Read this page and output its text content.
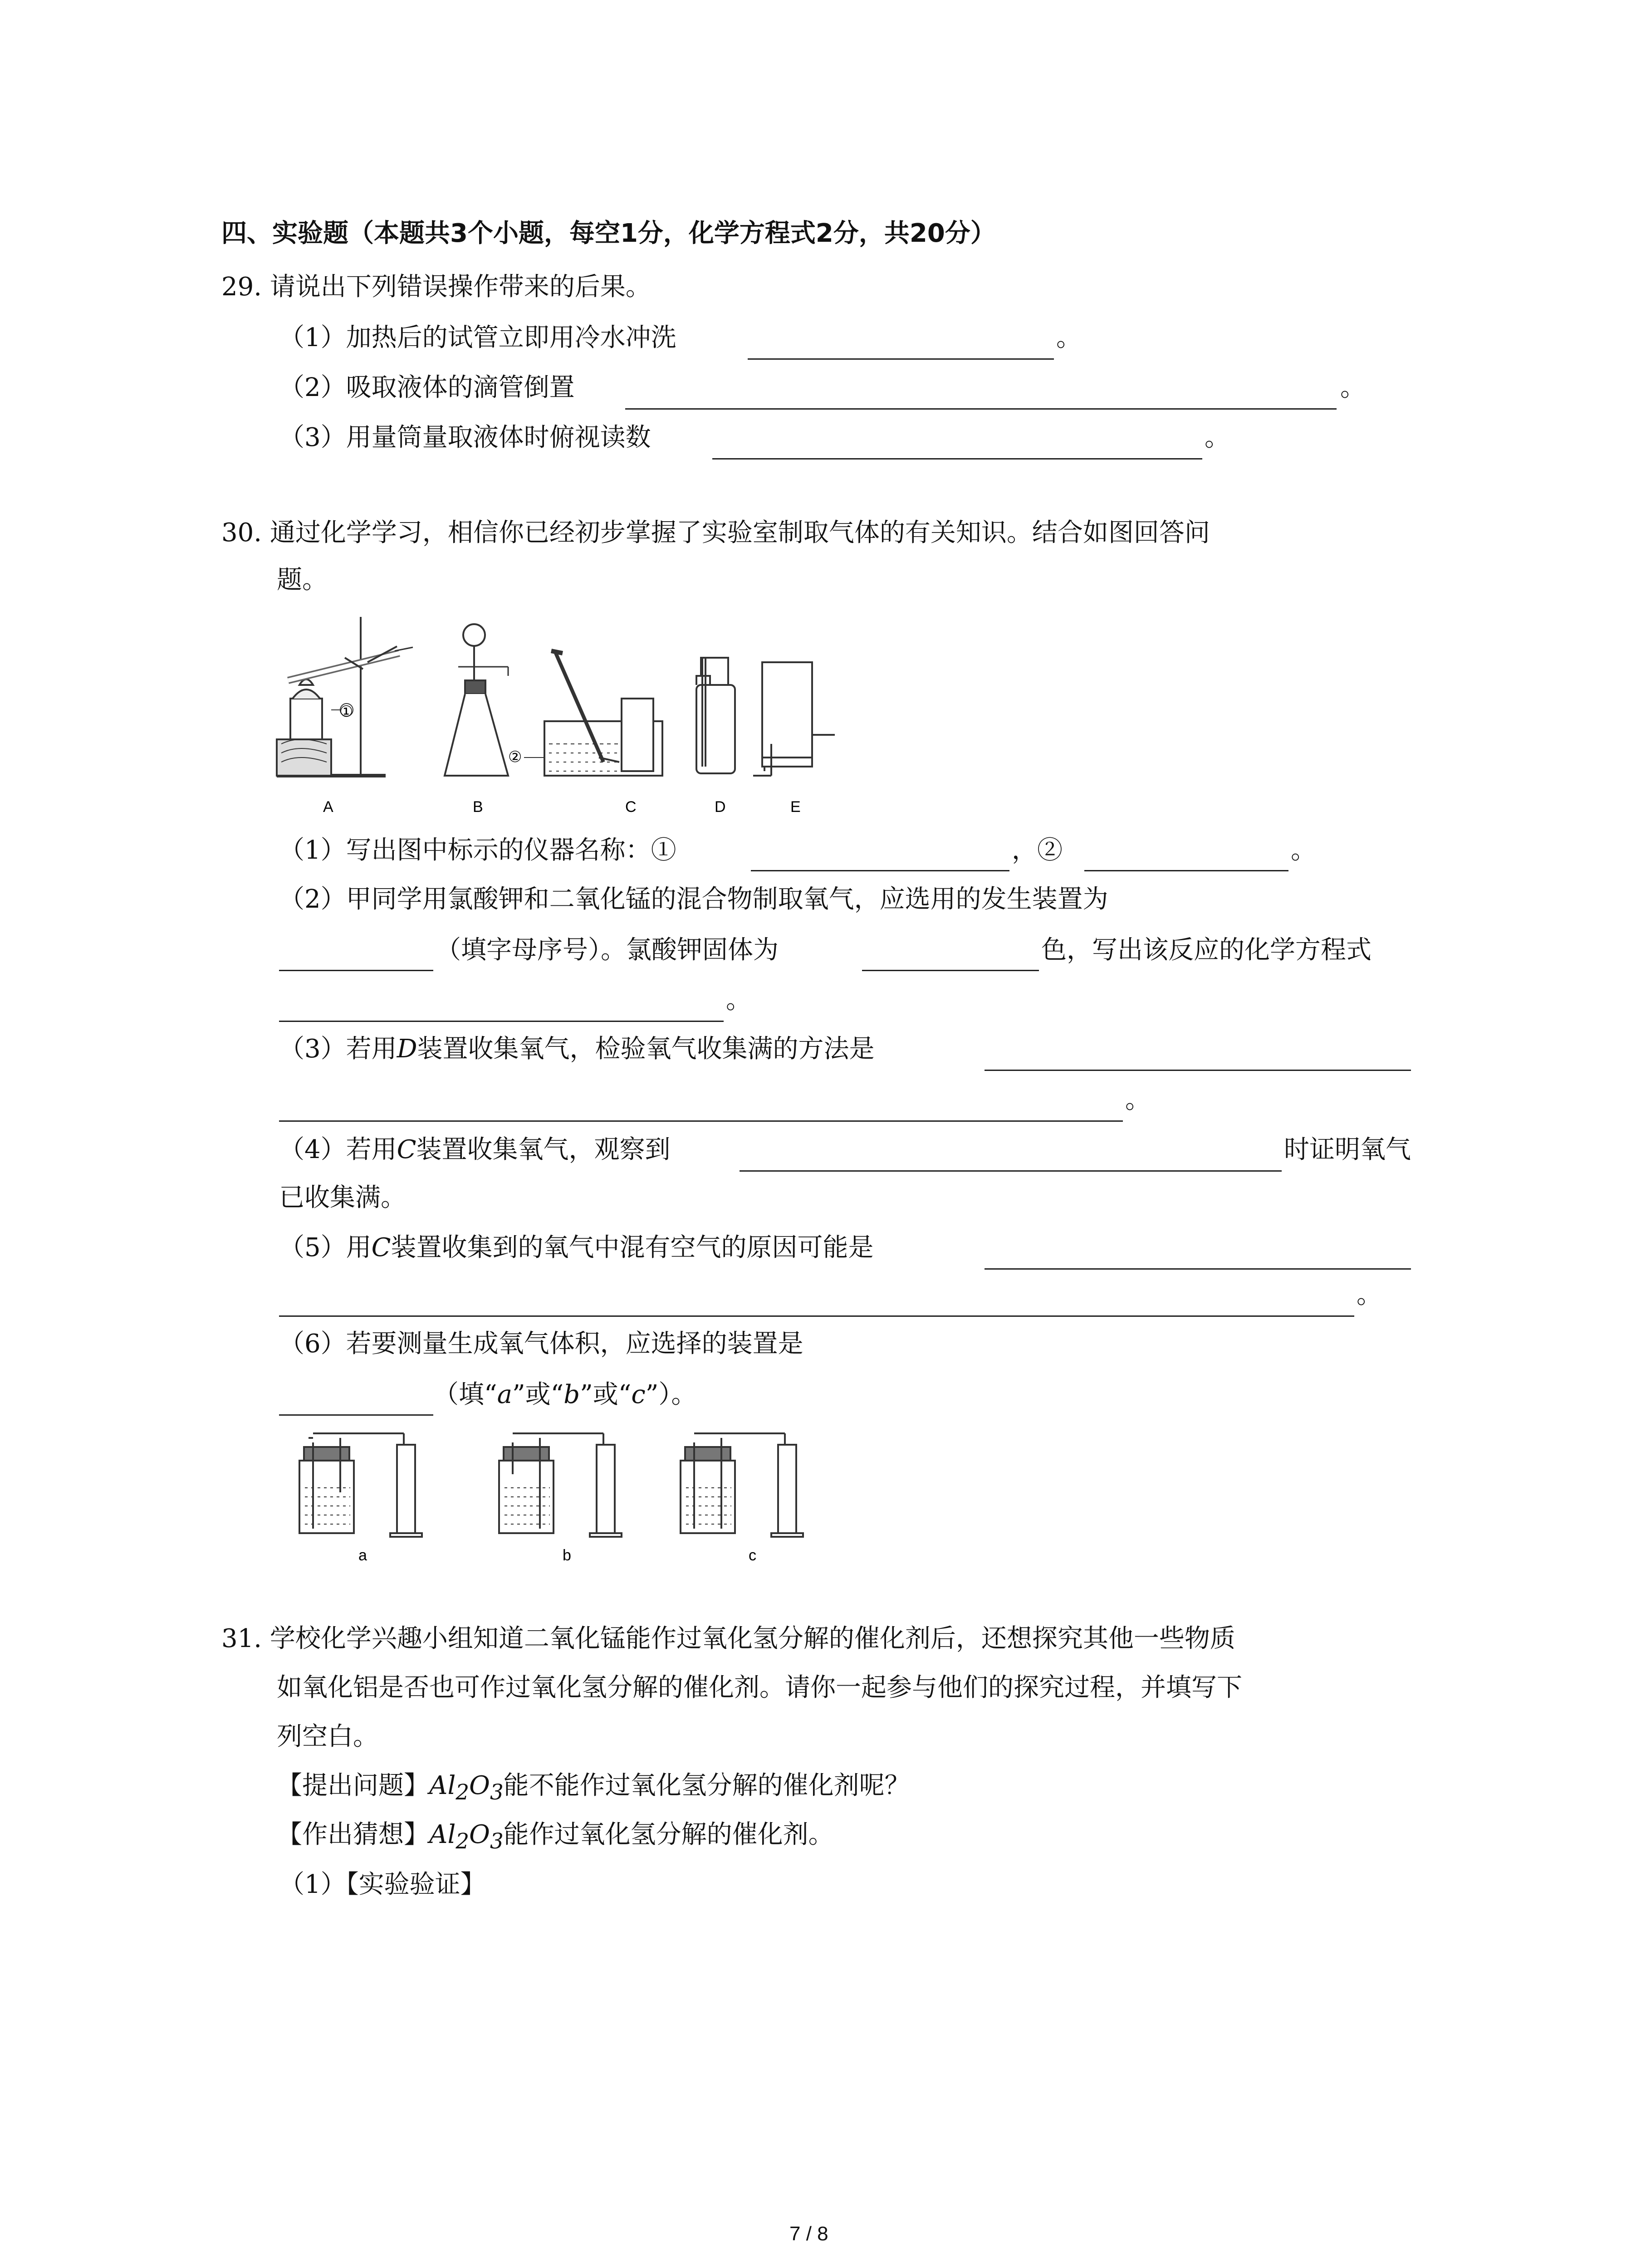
四、实验题（本题共3个小题，每空1分，化学方程式2分，共20分）
29. 请说出下列错误操作带来的后果。
（1）加热后的试管立即用冷水冲洗	。
（2）吸取液体的滴管倒置	。
（3）用量筒量取液体时俯视读数	。
30. 通过化学学习，相信你已经初步掌握了实验室制取气体的有关知识。结合如图回答问
题。
①
②
A	B	C	D	E
（1）写出图中标示的仪器名称：①	，②	。
（2）甲同学用氯酸钾和二氧化锰的混合物制取氧气，应选用的发生装置为
（填字母序号）。氯酸钾固体为	色，写出该反应的化学方程式
。
（3）若用D装置收集氧气，检验氧气收集满的方法是
。
（4）若用C装置收集氧气，观察到	时证明氧气
已收集满。
（5）用C装置收集到的氧气中混有空气的原因可能是
。
（6）若要测量生成氧气体积，应选择的装置是
（填“a”或“b”或“c”）。
a	b	c
31. 学校化学兴趣小组知道二氧化锰能作过氧化氢分解的催化剂后，还想探究其他一些物质
如氧化铝是否也可作过氧化氢分解的催化剂。请你一起参与他们的探究过程，并填写下
列空白。
【提出问题】$Al_2O_3$能不能作过氧化氢分解的催化剂呢？
【作出猜想】$Al_2O_3$能作过氧化氢分解的催化剂。
（1）【实验验证】
7 / 8
